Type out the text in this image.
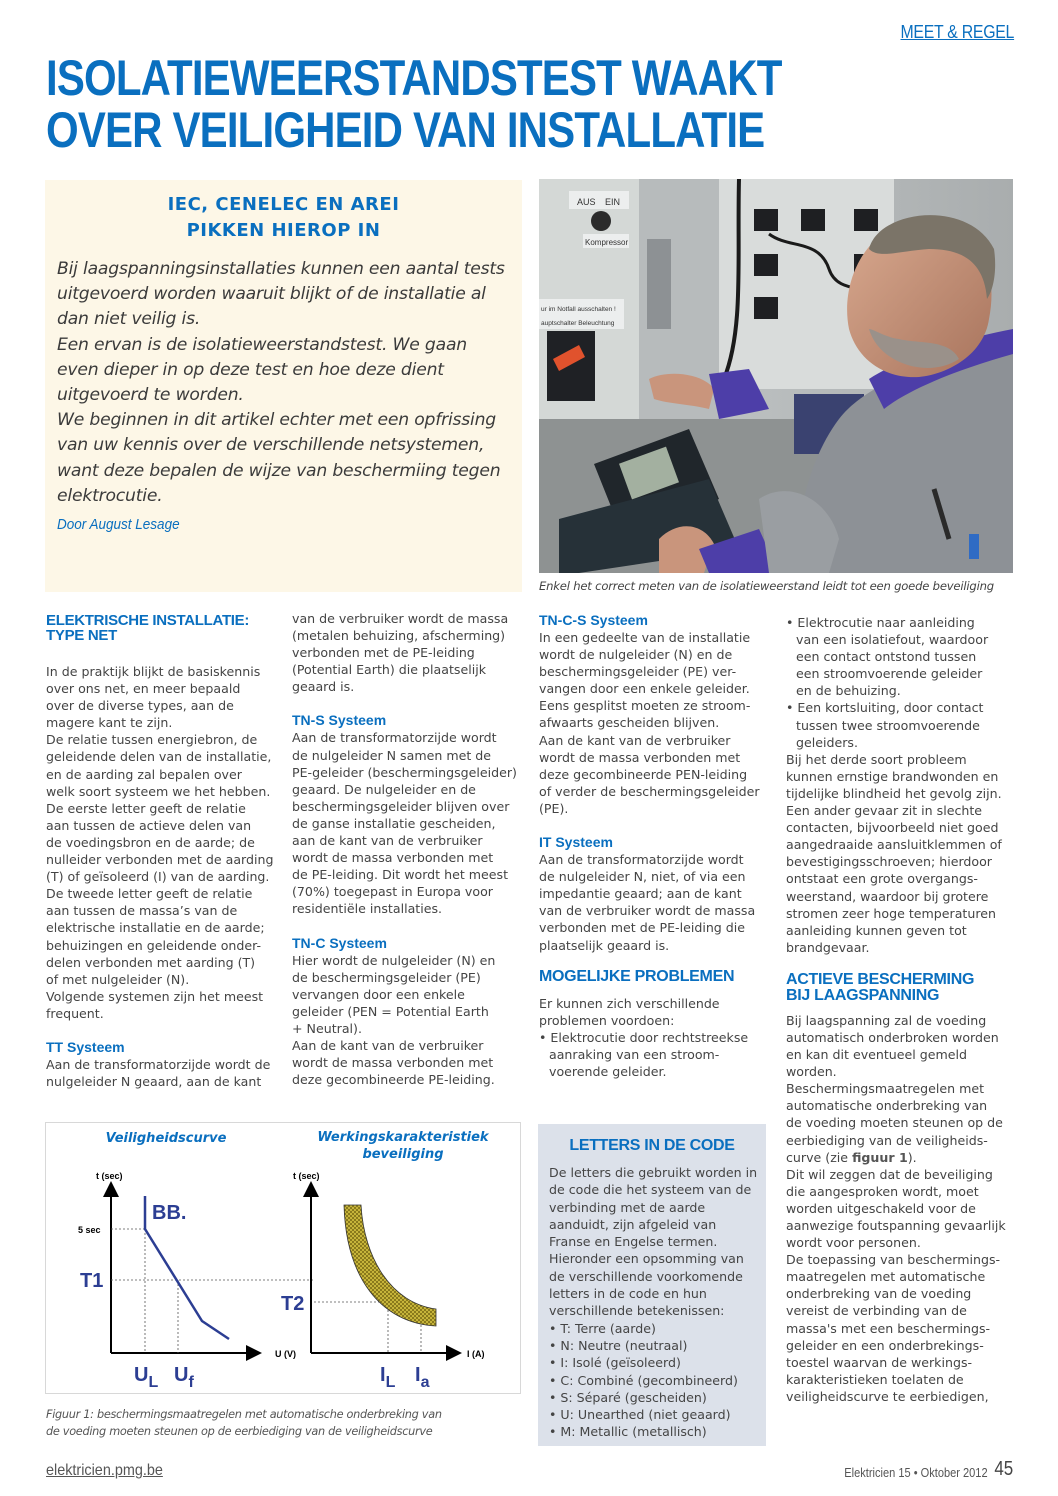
MEET & REGEL
ISOLATIEWEERSTANDSTEST WAAKT
OVER VEILIGHEID VAN INSTALLATIE
IEC, CENELEC EN AREI
PIKKEN HIEROP IN

Bij laagspanningsinstallaties kunnen een aantal tests

uitgevoerd worden waaruit blijkt of de installatie al

dan niet veilig is.

Een ervan is de isolatieweerstandstest. We gaan

even dieper in op deze test en hoe deze dient

uitgevoerd te worden.

We beginnen in dit artikel echter met een opfrissing

van uw kennis over de verschillende netsystemen,

want deze bepalen de wijze van beschermiing tegen

elektrocutie.

Door August Lesage
AUS EIN
Kompressor
ur im Notfall ausschalten !
auptschalter Beleuchtung
Enkel het correct meten van de isolatieweerstand leidt tot een goede beveiliging
ELEKTRISCHE INSTALLATIE:
TYPE NET

In de praktijk blijkt de basiskennis

over ons net, en meer bepaald

over de diverse types, aan de

magere kant te zijn.

De relatie tussen energiebron, de

geleidende delen van de installatie,

en de aarding zal bepalen over

welk soort systeem we het hebben.

De eerste letter geeft de relatie

aan tussen de actieve delen van

de voedingsbron en de aarde; de

nulleider verbonden met de aarding

(T) of geïsoleerd (I) van de aarding.

De tweede letter geeft de relatie

aan tussen de massa’s van de

elektrische installatie en de aarde;

behuizingen en geleidende onder-

delen verbonden met aarding (T)

of met nulgeleider (N).

Volgende systemen zijn het meest

frequent.

TT Systeem

Aan de transformatorzijde wordt de

nulgeleider N geaard, aan de kant

van de verbruiker wordt de massa

(metalen behuizing, afscherming)

verbonden met de PE-leiding

(Potential Earth) die plaatselijk

geaard is.

TN-S Systeem

Aan de transformatorzijde wordt

de nulgeleider N samen met de

PE-geleider (beschermingsgeleider)

geaard. De nulgeleider en de

beschermingsgeleider blijven over

de ganse installatie gescheiden,

aan de kant van de verbruiker

wordt de massa verbonden met

de PE-leiding. Dit wordt het meest

(70%) toegepast in Europa voor

residentiële installaties.

TN-C Systeem

Hier wordt de nulgeleider (N) en

de beschermingsgeleider (PE)

vervangen door een enkele

geleider (PEN = Potential Earth

+ Neutral).

Aan de kant van de verbruiker

wordt de massa verbonden met

deze gecombineerde PE-leiding.

TN-C-S Systeem

In een gedeelte van de installatie

wordt de nulgeleider (N) en de

beschermingsgeleider (PE) ver-

vangen door een enkele geleider.

Eens gesplitst moeten ze stroom-

afwaarts gescheiden blijven.

Aan de kant van de verbruiker

wordt de massa verbonden met

deze gecombineerde PEN-leiding

of verder de beschermingsgeleider

(PE).

IT Systeem

Aan de transformatorzijde wordt

de nulgeleider N, niet, of via een

impedantie geaard; aan de kant

van de verbruiker wordt de massa

verbonden met de PE-leiding die

plaatselijk geaard is.

MOGELIJKE PROBLEMEN

Er kunnen zich verschillende

problemen voordoen:

• Elektrocutie door rechtstreekse

aanraking van een stroom-

voerende geleider.

• Elektrocutie naar aanleiding

van een isolatiefout, waardoor

een contact ontstond tussen

een stroomvoerende geleider

en de behuizing.

• Een kortsluiting, door contact

tussen twee stroomvoerende

geleiders.

Bij het derde soort probleem

kunnen ernstige brandwonden en

tijdelijke blindheid het gevolg zijn.

Een ander gevaar zit in slechte

contacten, bijvoorbeeld niet goed

aangedraaide aansluitklemmen of

bevestigingsschroeven; hierdoor

ontstaat een grote overgangs-

weerstand, waardoor bij grotere

stromen zeer hoge temperaturen

aanleiding kunnen geven tot

brandgevaar.

ACTIEVE BESCHERMING
BIJ LAAGSPANNING

Bij laagspanning zal de voeding

automatisch onderbroken worden

en kan dit eventueel gemeld

worden.

Beschermingsmaatregelen met

automatische onderbreking van

de voeding moeten steunen op de

eerbiediging van de veiligheids-

curve (zie figuur 1).

Dit wil zeggen dat de beveiliging

die aangesproken wordt, moet

worden uitgeschakeld voor de

aanwezige foutspanning gevaarlijk

wordt voor personen.

De toepassing van beschermings-

maatregelen met automatische

onderbreking van de voeding

vereist de verbinding van de

massa's met een beschermings-

geleider en een onderbrekings-

toestel waarvan de werkings-

karakteristieken toelaten de

veiligheidscurve te eerbiedigen,

LETTERS IN DE CODE

De letters die gebruikt worden in

de code die het systeem van de

verbinding met de aarde

aanduidt, zijn afgeleid van

Franse en Engelse termen.

Hieronder een opsomming van

de verschillende voorkomende

letters in de code en hun

verschillende betekenissen:

• T: Terre (aarde)

• N: Neutre (neutraal)

• I: Isolé (geïsoleerd)

• C: Combiné (gecombineerd)

• S: Séparé (gescheiden)

• U: Unearthed (niet geaard)

• M: Metallic (metallisch)

Veiligheidscurve	Werkingskarakteristiek
beveiliging
t (sec)
U (V)
BB.
5 sec
T1
$U_L$ $U_f$
t (sec)
I (A)
T2
$I_L$ $I_a$
Figuur 1: beschermingsmaatregelen met automatische onderbreking van
de voeding moeten steunen op de eerbiediging van de veiligheidscurve
elektricien.pmg.be	Elektricien 15 • Oktober 2012 45
